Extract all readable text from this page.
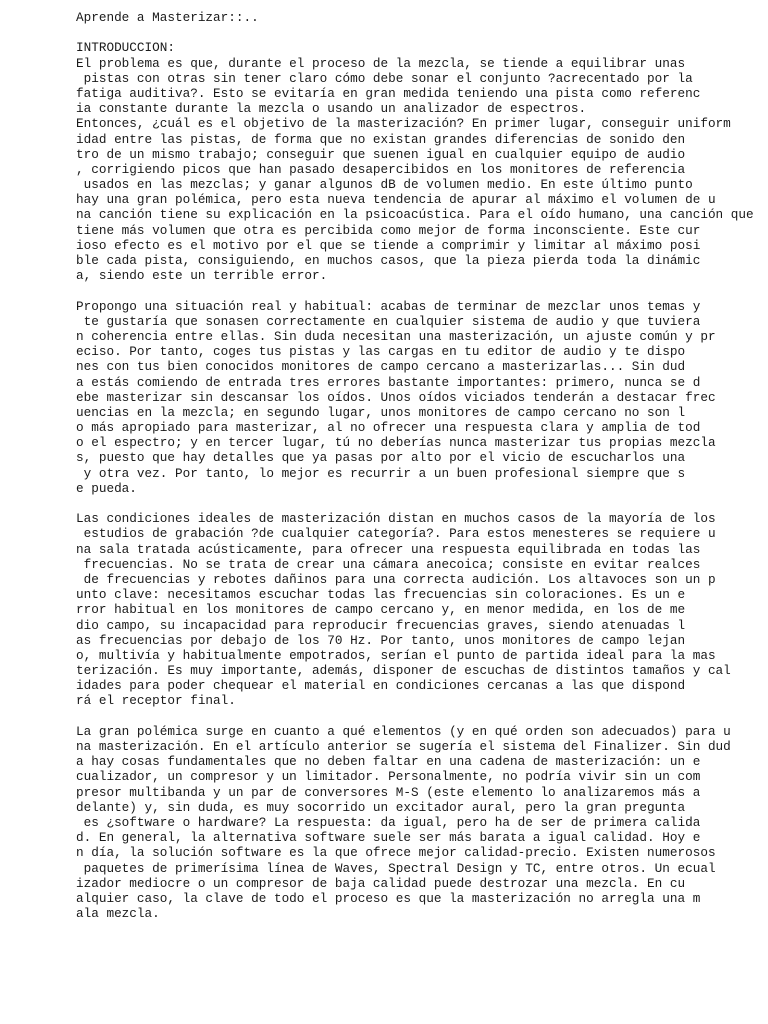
Aprende a Masterizar::..
INTRODUCCION:
El problema es que, durante el proceso de la mezcla, se tiende a equilibrar unas
pistas con otras sin tener claro cómo debe sonar el conjunto ?acrecentado por la
fatiga auditiva?. Esto se evitaría en gran medida teniendo una pista como referenc
ia constante durante la mezcla o usando un analizador de espectros.
Entonces, ¿cuál es el objetivo de la masterización? En primer lugar, conseguir uniform
idad entre las pistas, de forma que no existan grandes diferencias de sonido den
tro de un mismo trabajo; conseguir que suenen igual en cualquier equipo de audio
, corrigiendo picos que han pasado desapercibidos en los monitores de referencia
usados en las mezclas; y ganar algunos dB de volumen medio. En este último punto
hay una gran polémica, pero esta nueva tendencia de apurar al máximo el volumen de u
na canción tiene su explicación en la psicoacústica. Para el oído humano, una canción que
tiene más volumen que otra es percibida como mejor de forma inconsciente. Este cur
ioso efecto es el motivo por el que se tiende a comprimir y limitar al máximo posi
ble cada pista, consiguiendo, en muchos casos, que la pieza pierda toda la dinámic
a, siendo este un terrible error.
Propongo una situación real y habitual: acabas de terminar de mezclar unos temas y
te gustaría que sonasen correctamente en cualquier sistema de audio y que tuviera
n coherencia entre ellas. Sin duda necesitan una masterización, un ajuste común y pr
eciso. Por tanto, coges tus pistas y las cargas en tu editor de audio y te dispo
nes con tus bien conocidos monitores de campo cercano a masterizarlas... Sin dud
a estás comiendo de entrada tres errores bastante importantes: primero, nunca se d
ebe masterizar sin descansar los oídos. Unos oídos viciados tenderán a destacar frec
uencias en la mezcla; en segundo lugar, unos monitores de campo cercano no son l
o más apropiado para masterizar, al no ofrecer una respuesta clara y amplia de tod
o el espectro; y en tercer lugar, tú no deberías nunca masterizar tus propias mezcla
s, puesto que hay detalles que ya pasas por alto por el vicio de escucharlos una
y otra vez. Por tanto, lo mejor es recurrir a un buen profesional siempre que s
e pueda.
Las condiciones ideales de masterización distan en muchos casos de la mayoría de los
estudios de grabación ?de cualquier categoría?. Para estos menesteres se requiere u
na sala tratada acústicamente, para ofrecer una respuesta equilibrada en todas las
frecuencias. No se trata de crear una cámara anecoica; consiste en evitar realces
de frecuencias y rebotes dañinos para una correcta audición. Los altavoces son un p
unto clave: necesitamos escuchar todas las frecuencias sin coloraciones. Es un e
rror habitual en los monitores de campo cercano y, en menor medida, en los de me
dio campo, su incapacidad para reproducir frecuencias graves, siendo atenuadas l
as frecuencias por debajo de los 70 Hz. Por tanto, unos monitores de campo lejan
o, multivía y habitualmente empotrados, serían el punto de partida ideal para la mas
terización. Es muy importante, además, disponer de escuchas de distintos tamaños y cal
idades para poder chequear el material en condiciones cercanas a las que dispond
rá el receptor final.
La gran polémica surge en cuanto a qué elementos (y en qué orden son adecuados) para u
na masterización. En el artículo anterior se sugería el sistema del Finalizer. Sin dud
a hay cosas fundamentales que no deben faltar en una cadena de masterización: un e
cualizador, un compresor y un limitador. Personalmente, no podría vivir sin un com
presor multibanda y un par de conversores M-S (este elemento lo analizaremos más a
delante) y, sin duda, es muy socorrido un excitador aural, pero la gran pregunta
es ¿software o hardware? La respuesta: da igual, pero ha de ser de primera calida
d. En general, la alternativa software suele ser más barata a igual calidad. Hoy e
n día, la solución software es la que ofrece mejor calidad-precio. Existen numerosos
paquetes de primerísima línea de Waves, Spectral Design y TC, entre otros. Un ecual
izador mediocre o un compresor de baja calidad puede destrozar una mezcla. En cu
alquier caso, la clave de todo el proceso es que la masterización no arregla una m
ala mezcla.
